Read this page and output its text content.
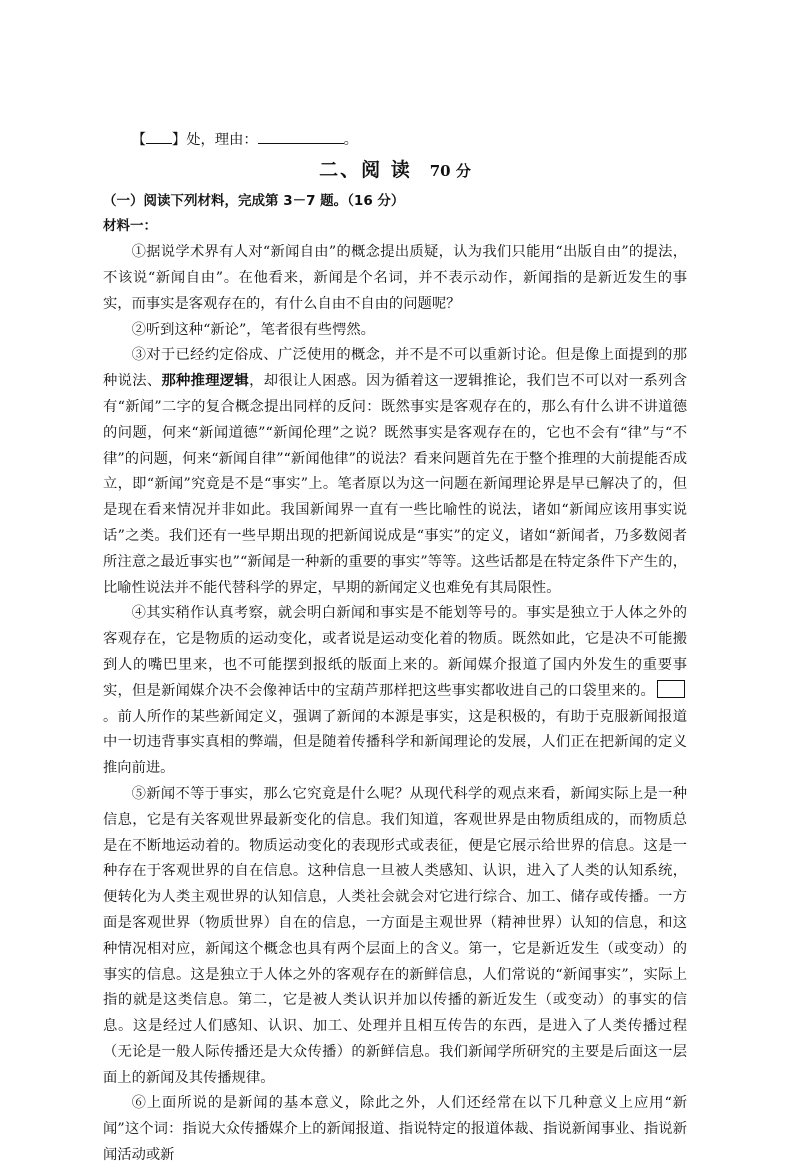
【 】处，理由：	。

二、阅 读 70 分

（一）阅读下列材料，完成第 3－7 题。（16 分）

材料一：

①据说学术界有人对“新闻自由”的概念提出质疑，认为我们只能用“出版自由”的提法，不该说“新闻自由”。在他看来，新闻是个名词，并不表示动作，新闻指的是新近发生的事实，而事实是客观存在的，有什么自由不自由的问题呢？

②听到这种“新论”，笔者很有些愕然。

③对于已经约定俗成、广泛使用的概念，并不是不可以重新讨论。但是像上面提到的那种说法、那种推理逻辑，却很让人困惑。因为循着这一逻辑推论，我们岂不可以对一系列含有“新闻”二字的复合概念提出同样的反问：既然事实是客观存在的，那么有什么讲不讲道德的问题，何来“新闻道德”“新闻伦理”之说？既然事实是客观存在的，它也不会有“律”与“不律”的问题，何来“新闻自律”“新闻他律”的说法？看来问题首先在于整个推理的大前提能否成立，即“新闻”究竟是不是“事实”上。笔者原以为这一问题在新闻理论界是早已解决了的，但是现在看来情况并非如此。我国新闻界一直有一些比喻性的说法，诸如“新闻应该用事实说话”之类。我们还有一些早期出现的把新闻说成是“事实”的定义，诸如“新闻者，乃多数阅者所注意之最近事实也”“新闻是一种新的重要的事实”等等。这些话都是在特定条件下产生的，比喻性说法并不能代替科学的界定，早期的新闻定义也难免有其局限性。

④其实稍作认真考察，就会明白新闻和事实是不能划等号的。事实是独立于人体之外的客观存在，它是物质的运动变化，或者说是运动变化着的物质。既然如此，它是决不可能搬到人的嘴巴里来，也不可能摆到报纸的版面上来的。新闻媒介报道了国内外发生的重要事实，但是新闻媒介决不会像神话中的宝葫芦那样把这些事实都收进自己的口袋里来的。。前人所作的某些新闻定义，强调了新闻的本源是事实，这是积极的，有助于克服新闻报道中一切违背事实真相的弊端，但是随着传播科学和新闻理论的发展，人们正在把新闻的定义推向前进。

⑤新闻不等于事实，那么它究竟是什么呢？从现代科学的观点来看，新闻实际上是一种信息，它是有关客观世界最新变化的信息。我们知道，客观世界是由物质组成的，而物质总是在不断地运动着的。物质运动变化的表现形式或表征，便是它展示给世界的信息。这是一种存在于客观世界的自在信息。这种信息一旦被人类感知、认识，进入了人类的认知系统，便转化为人类主观世界的认知信息，人类社会就会对它进行综合、加工、储存或传播。一方面是客观世界（物质世界）自在的信息，一方面是主观世界（精神世界）认知的信息，和这种情况相对应，新闻这个概念也具有两个层面上的含义。第一，它是新近发生（或变动）的事实的信息。这是独立于人体之外的客观存在的新鲜信息，人们常说的“新闻事实”，实际上指的就是这类信息。第二，它是被人类认识并加以传播的新近发生（或变动）的事实的信息。这是经过人们感知、认识、加工、处理并且相互传告的东西，是进入了人类传播过程（无论是一般人际传播还是大众传播）的新鲜信息。我们新闻学所研究的主要是后面这一层面上的新闻及其传播规律。

⑥上面所说的是新闻的基本意义，除此之外，人们还经常在以下几种意义上应用“新闻”这个词：指说大众传播媒介上的新闻报道、指说特定的报道体裁、指说新闻事业、指说新闻活动或新
